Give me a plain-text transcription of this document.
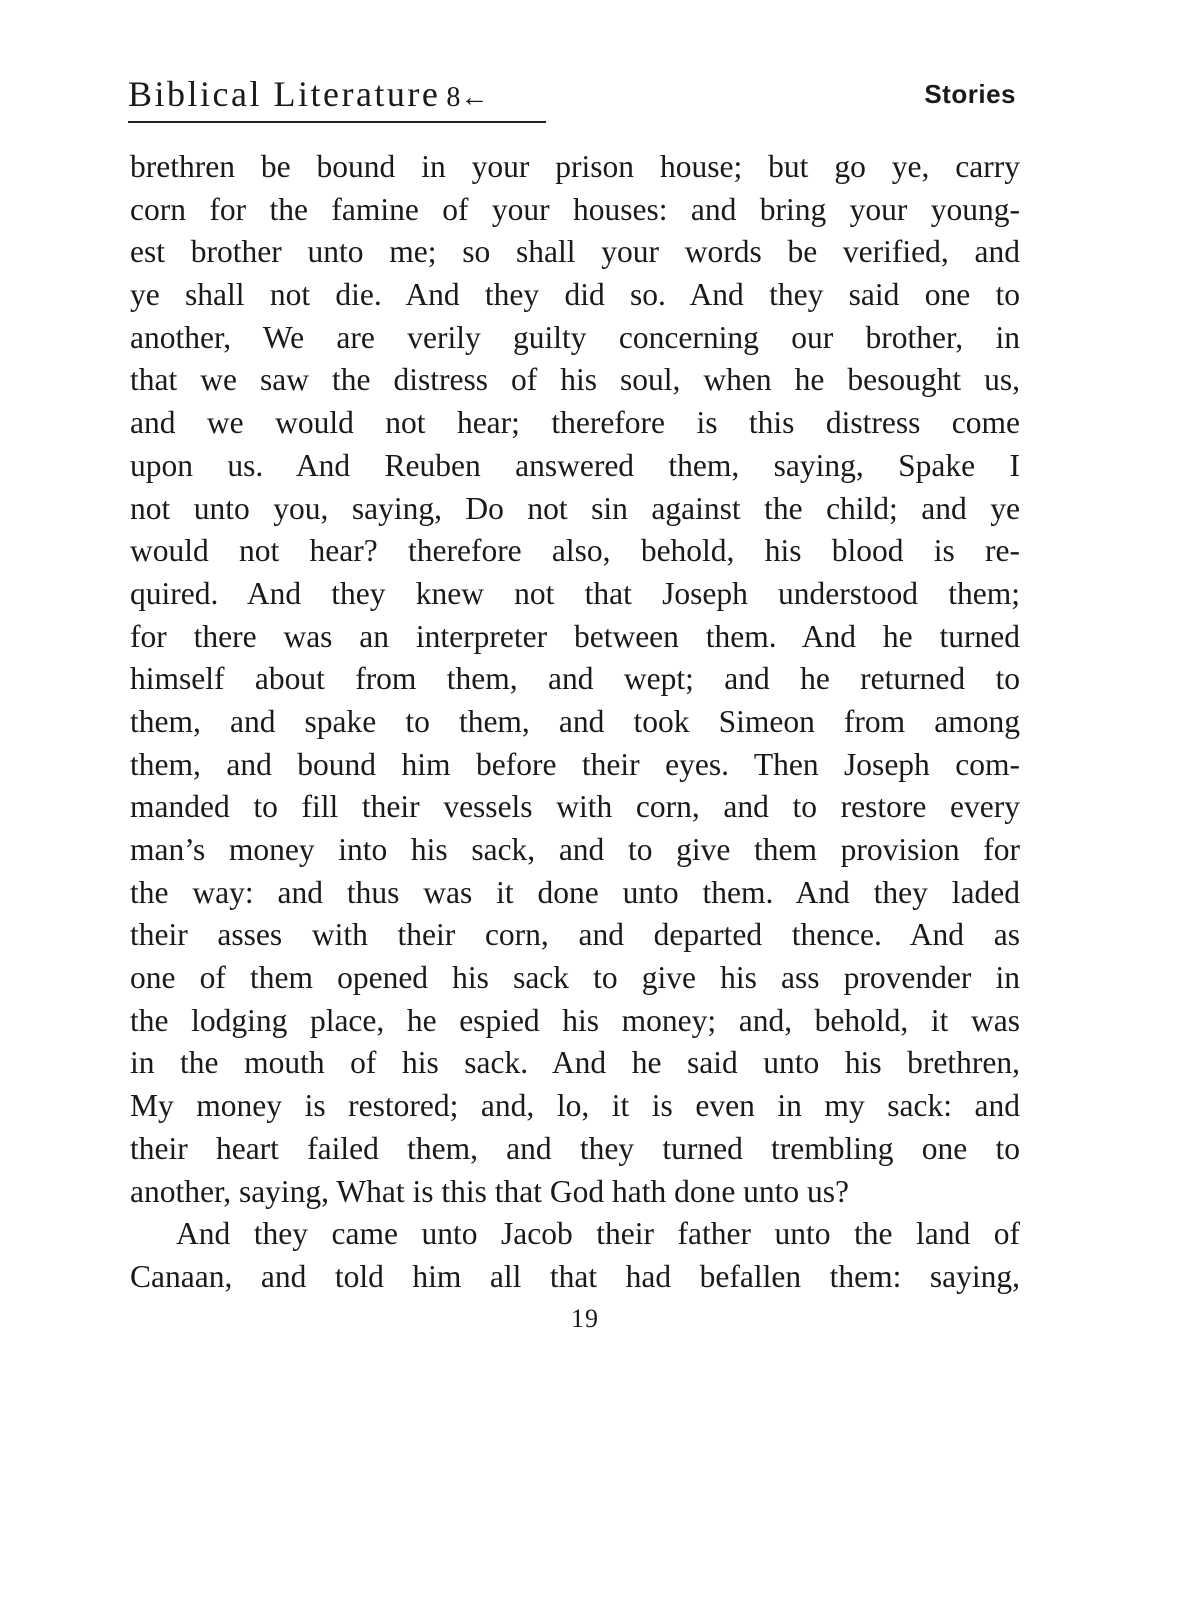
Biblical Literature 8←	Stories
brethren be bound in your prison house; but go ye, carry
corn for the famine of your houses: and bring your young-
est brother unto me; so shall your words be verified, and
ye shall not die. And they did so. And they said one to
another, We are verily guilty concerning our brother, in
that we saw the distress of his soul, when he besought us,
and we would not hear; therefore is this distress come
upon us. And Reuben answered them, saying, Spake I
not unto you, saying, Do not sin against the child; and ye
would not hear? therefore also, behold, his blood is re-
quired. And they knew not that Joseph understood them;
for there was an interpreter between them. And he turned
himself about from them, and wept; and he returned to
them, and spake to them, and took Simeon from among
them, and bound him before their eyes. Then Joseph com-
manded to fill their vessels with corn, and to restore every
man’s money into his sack, and to give them provision for
the way: and thus was it done unto them. And they laded
their asses with their corn, and departed thence. And as
one of them opened his sack to give his ass provender in
the lodging place, he espied his money; and, behold, it was
in the mouth of his sack. And he said unto his brethren,
My money is restored; and, lo, it is even in my sack: and
their heart failed them, and they turned trembling one to
another, saying, What is this that God hath done unto us?
And they came unto Jacob their father unto the land of
Canaan, and told him all that had befallen them: saying,
19
